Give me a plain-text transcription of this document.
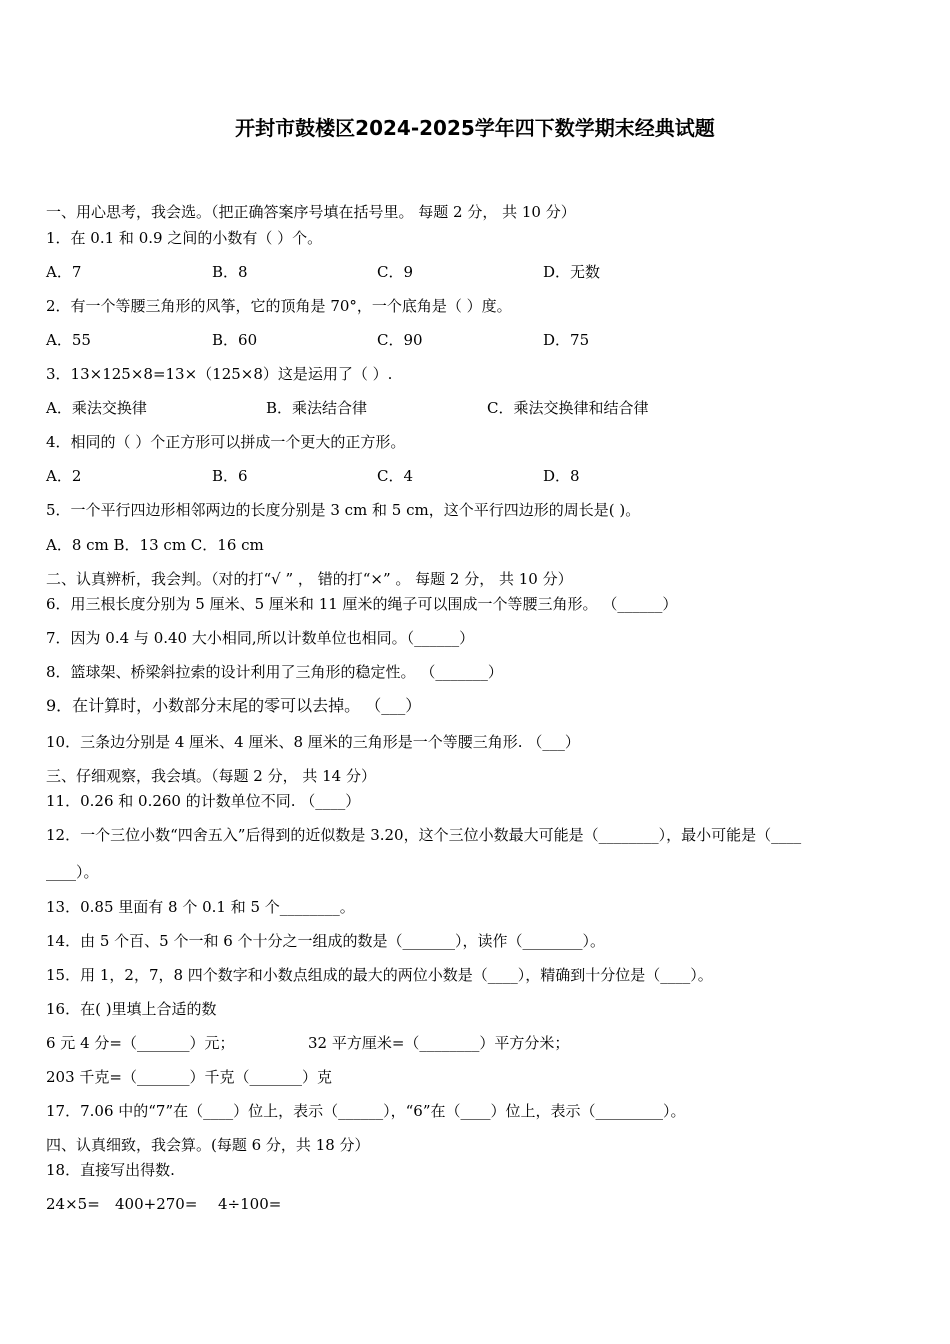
开封市鼓楼区2024-2025学年四下数学期末经典试题
一、用心思考，我会选。（把正确答案序号填在括号里。 每题 2 分， 共 10 分）
1．在 0.1 和 0.9 之间的小数有（ ）个。
A．7	B．8	C．9	D．无数
2．有一个等腰三角形的风筝，它的顶角是 70°，一个底角是（ ）度。
A．55	B．60	C．90	D．75
3．13×125×8=13×（125×8）这是运用了（ ）.
A．乘法交换律	B．乘法结合律	C．乘法交换律和结合律
4．相同的（ ）个正方形可以拼成一个更大的正方形。
A．2	B．6	C．4	D．8
5．一个平行四边形相邻两边的长度分别是 3 cm 和 5 cm，这个平行四边形的周长是( )。
A．8 cm B．13 cm C．16 cm
二、认真辨析，我会判。（对的打“√ ” ， 错的打“×” 。 每题 2 分， 共 10 分）
6．用三根长度分别为 5 厘米、5 厘米和 11 厘米的绳子可以围成一个等腰三角形。 （______）
7．因为 0.4 与 0.40 大小相同,所以计数单位也相同。（______）
8．篮球架、桥梁斜拉索的设计利用了三角形的稳定性。 （_______）
9．在计算时，小数部分末尾的零可以去掉。 （___）
10．三条边分别是 4 厘米、4 厘米、8 厘米的三角形是一个等腰三角形. （___）
三、仔细观察，我会填。（每题 2 分， 共 14 分）
11．0.26 和 0.260 的计数单位不同. （____）
12．一个三位小数“四舍五入”后得到的近似数是 3.20，这个三位小数最大可能是（________），最小可能是（____
____）。
13．0.85 里面有 8 个 0.1 和 5 个________。
14．由 5 个百、5 个一和 6 个十分之一组成的数是（_______），读作（________）。
15．用 1，2，7，8 四个数字和小数点组成的最大的两位小数是（____），精确到十分位是（____）。
16．在( )里填上合适的数
6 元 4 分=（_______）元；	32 平方厘米=（________）平方分米；
203 千克=（_______）千克（_______）克
17．7.06 中的“7”在（____）位上，表示（______），“6”在（____）位上，表示（_________）。
四、认真细致，我会算。(每题 6 分，共 18 分）
18．直接写出得数.
24×5= 400+270= 4÷100=
